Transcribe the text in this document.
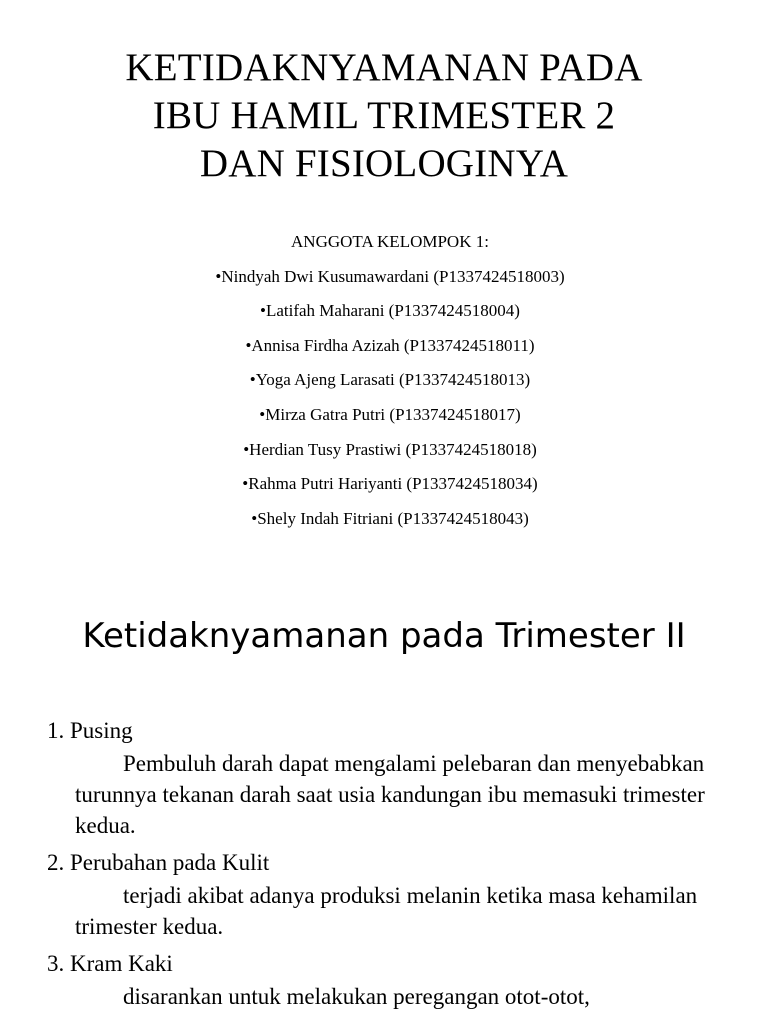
KETIDAKNYAMANAN PADA
IBU HAMIL TRIMESTER 2
DAN FISIOLOGINYA
ANGGOTA KELOMPOK 1:
•Nindyah Dwi Kusumawardani (P1337424518003)
•Latifah Maharani (P1337424518004)
•Annisa Firdha Azizah (P1337424518011)
•Yoga Ajeng Larasati (P1337424518013)
•Mirza Gatra Putri (P1337424518017)
•Herdian Tusy Prastiwi (P1337424518018)
•Rahma Putri Hariyanti (P1337424518034)
•Shely Indah Fitriani (P1337424518043)
Ketidaknyamanan pada Trimester II
1. Pusing
Pembuluh darah dapat mengalami pelebaran dan menyebabkan turunnya tekanan darah saat usia kandungan ibu memasuki trimester kedua.
2. Perubahan pada Kulit
terjadi akibat adanya produksi melanin ketika masa kehamilan trimester kedua.
3. Kram Kaki
disarankan untuk melakukan peregangan otot-otot,
